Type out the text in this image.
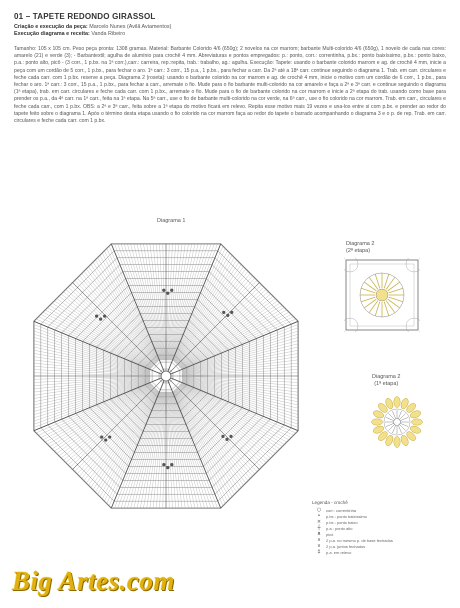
01 – TAPETE REDONDO GIRASSOL
Criação e execução da peça: Marcelo Nunes (Avilã Aviamentos)
Execução diagrama e receita: Vanda Ribeiro
Tamanho: 105 x 105 cm. Peso peça pronta: 1308 gramas. Material: Barbante Colorido 4/6 (650g); 2 novelos na cor marrom; barbante Multi-colorido 4/6 (650g), 1 novelo de cada nas cores: amarelo (21) e verde (3); - Barbantextil; agulha de alumínio para crochê 4 mm. Abreviaturas e pontos empregados: p.: ponto, corr.: correntinha, p.bx.: ponto baixíssimo, p.bx.: ponto baixo, p.a.: ponto alto, picô - (3 corr., 1 p.bx. na 1ª corr.),carr.: carreira, rep.:repita, trab.: trabalho, ag.: agulha. Execução: Tapete: usando o barbante colorido marrom e ag. de crochê 4 mm, inicie a peça com um cordão de 5 corr., 1 p.bx., para fechar o aro. 1ª carr.: 3 corr., 15 p.a., 1 p.bx., para fechar a carr. Da 2ª até a 18ª carr. continue seguindo o diagrama 1. Trab. em carr. circulares e feche cada carr. com 1 p.bx. reserve a peça. Diagrama 2 (roseta): usando o barbante colorido na cor marrom e ag. de crochê 4 mm, inicie o motivo com um cordão de 6 corr., 1 p.bx., para fechar o aro. 1ª carr.: 3 corr., 15 p.a., 1 p.bx., para fechar a carr., arremate o fio. Mude para o fio barbante multi-colorido na cor amarelo e faça a 2ª e 3ª carr. e continue seguindo o diagrama (1ª etapa), trab. em carr. circulares e feche cada carr. com 1 p.bx., arremate o fio. Mude para o fio de barbante colorido na cor marrom e inicie a 2ª etapa do trab. usando como base para prender os p.a., da 4ª carr. na 1ª carr., feita na 1ª etapa. Na 5ª carr., use o fio de barbante multi-colorido na cor verde, na 6ª carr., use o fio colorido na cor marrom. Trab. em carr., circulares e feche cada carr., com 1 p.bx. OBS: a 2ª e 3ª carr., feita sobre a 1ª etapa do motivo ficará em relevo. Repita esse motivo mais 19 vezes e una-los entre si com p.bx. e prender ao redor do tapete feito sobre o diagrama 1. Após o término desta etapa usando o fio colorido na cor marrom faça ao redor do tapete o barrado acompanhando o diagrama 3 e o p. de rep. Trab. em carr. circulares e feche cada carr. com 1 p.bx.
Diagrama 1
Diagrama 2
(2ª etapa)
Diagrama 2
(1ª etapa)
Legenda - crochê
○	corr.: correntinha
•	p.bx.: ponto baixíssimo
×	p.bx.: ponto baixo
┼	p.a.: ponto alto
ᴥ	picô
∧	2 p.a. no mesmo p. de base fechados
∨	2 p.a. juntos fechados
‡	p.a. em relevo
Big Artes.com
